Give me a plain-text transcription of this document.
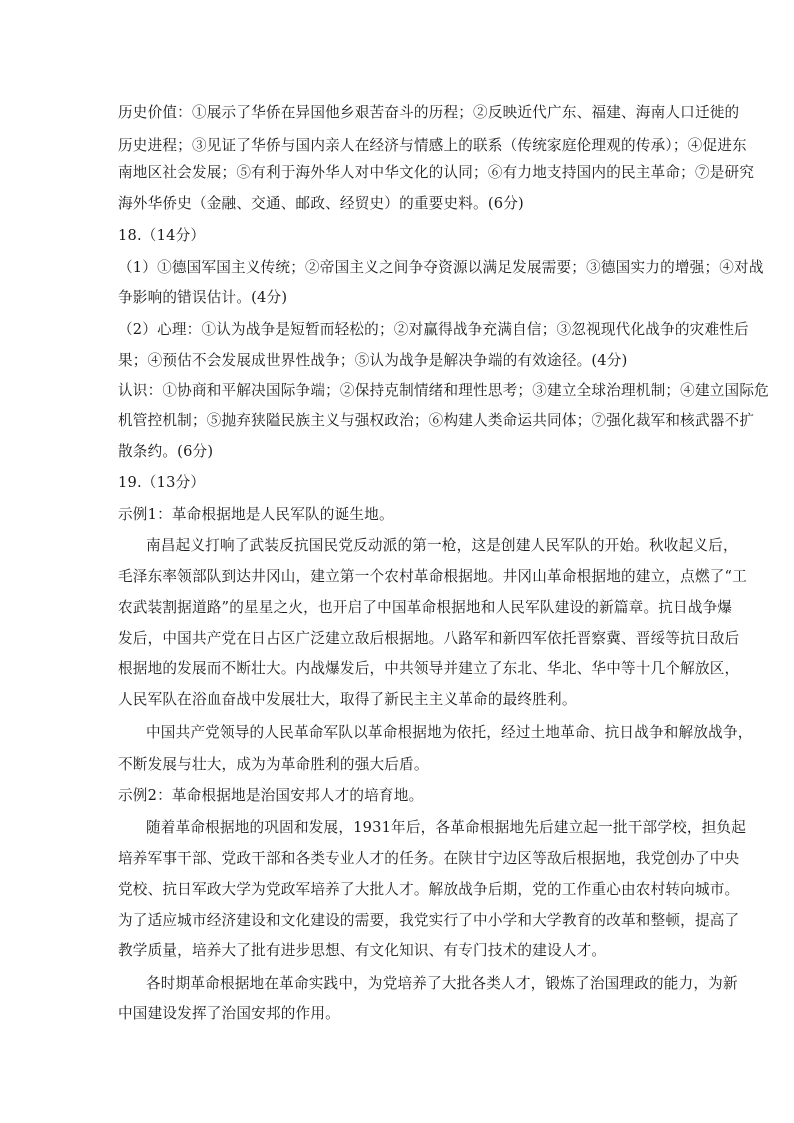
历史价值：①展示了华侨在异国他乡艰苦奋斗的历程；②反映近代广东、福建、海南人口迁徙的
历史进程；③见证了华侨与国内亲人在经济与情感上的联系（传统家庭伦理观的传承）；④促进东
南地区社会发展；⑤有利于海外华人对中华文化的认同；⑥有力地支持国内的民主革命；⑦是研究
海外华侨史（金融、交通、邮政、经贸史）的重要史料。(6分)
18.（14分）
（1）①德国军国主义传统；②帝国主义之间争夺资源以满足发展需要；③德国实力的增强；④对战
争影响的错误估计。(4分)
（2）心理：①认为战争是短暂而轻松的；②对赢得战争充满自信；③忽视现代化战争的灾难性后
果；④预估不会发展成世界性战争；⑤认为战争是解决争端的有效途径。(4分)
认识：①协商和平解决国际争端；②保持克制情绪和理性思考；③建立全球治理机制；④建立国际危
机管控机制；⑤抛弃狭隘民族主义与强权政治；⑥构建人类命运共同体；⑦强化裁军和核武器不扩
散条约。(6分)
19.（13分）
示例1：革命根据地是人民军队的诞生地。
南昌起义打响了武装反抗国民党反动派的第一枪，这是创建人民军队的开始。秋收起义后，
毛泽东率领部队到达井冈山，建立第一个农村革命根据地。井冈山革命根据地的建立，点燃了“工
农武装割据道路”的星星之火，也开启了中国革命根据地和人民军队建设的新篇章。抗日战争爆
发后，中国共产党在日占区广泛建立敌后根据地。八路军和新四军依托晋察冀、晋绥等抗日敌后
根据地的发展而不断壮大。内战爆发后，中共领导并建立了东北、华北、华中等十几个解放区，
人民军队在浴血奋战中发展壮大，取得了新民主主义革命的最终胜利。
中国共产党领导的人民革命军队以革命根据地为依托，经过土地革命、抗日战争和解放战争，
不断发展与壮大，成为为革命胜利的强大后盾。
示例2：革命根据地是治国安邦人才的培育地。
随着革命根据地的巩固和发展，1931年后，各革命根据地先后建立起一批干部学校，担负起
培养军事干部、党政干部和各类专业人才的任务。在陕甘宁边区等敌后根据地，我党创办了中央
党校、抗日军政大学为党政军培养了大批人才。解放战争后期，党的工作重心由农村转向城市。
为了适应城市经济建设和文化建设的需要，我党实行了中小学和大学教育的改革和整顿，提高了
教学质量，培养大了批有进步思想、有文化知识、有专门技术的建设人才。
各时期革命根据地在革命实践中，为党培养了大批各类人才，锻炼了治国理政的能力，为新
中国建设发挥了治国安邦的作用。
